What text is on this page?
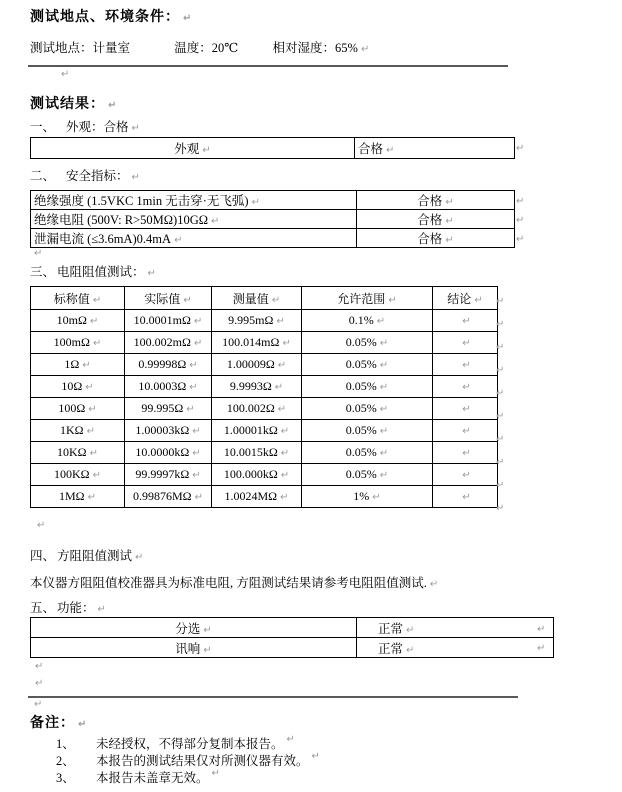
测试地点、环境条件： ↵
测试地点：计量室	温度：20℃	相对湿度：65% ↵
↵
测试结果： ↵
一、 外观：合格 ↵
外观 ↵	合格 ↵	↵
二、 安全指标： ↵
绝缘强度 (1.5VKC 1min 无击穿·无飞弧) ↵	合格 ↵
绝缘电阻 (500V: R>50MΩ)10GΩ ↵	合格 ↵
泄漏电流 (≤3.6mA)0.4mA ↵	合格 ↵
↵
↵
↵
↵
三、 电阻阻值测试： ↵
标称值 ↵	实际值 ↵	测量值 ↵	允许范围 ↵	结论 ↵
10mΩ ↵	10.0001mΩ ↵	9.995mΩ ↵	0.1% ↵	↵
100mΩ ↵	100.002mΩ ↵	100.014mΩ ↵	0.05% ↵	↵
1Ω ↵	0.99998Ω ↵	1.00009Ω ↵	0.05% ↵	↵
10Ω ↵	10.0003Ω ↵	9.9993Ω ↵	0.05% ↵	↵
100Ω ↵	99.995Ω ↵	100.002Ω ↵	0.05% ↵	↵
1KΩ ↵	1.00003kΩ ↵	1.00001kΩ ↵	0.05% ↵	↵
10KΩ ↵	10.0000kΩ ↵	10.0015kΩ ↵	0.05% ↵	↵
100KΩ ↵	99.9997kΩ ↵	100.000kΩ ↵	0.05% ↵	↵
1MΩ ↵	0.99876MΩ ↵	1.0024MΩ ↵	1% ↵	↵
↵
↵
↵
↵
↵
↵
↵
↵
↵
↵
↵
四、 方阻阻值测试 ↵
本仪器方阻阻值校准器具为标准电阻, 方阻测试结果请参考电阻阻值测试. ↵
五、 功能： ↵
分选 ↵	正常 ↵
讯响 ↵	正常 ↵
↵
↵
↵
↵
↵
备注： ↵
1、	未经授权，不得部分复制本报告。 ↵
2、	本报告的测试结果仅对所测仪器有效。 ↵
3、	本报告未盖章无效。 ↵
